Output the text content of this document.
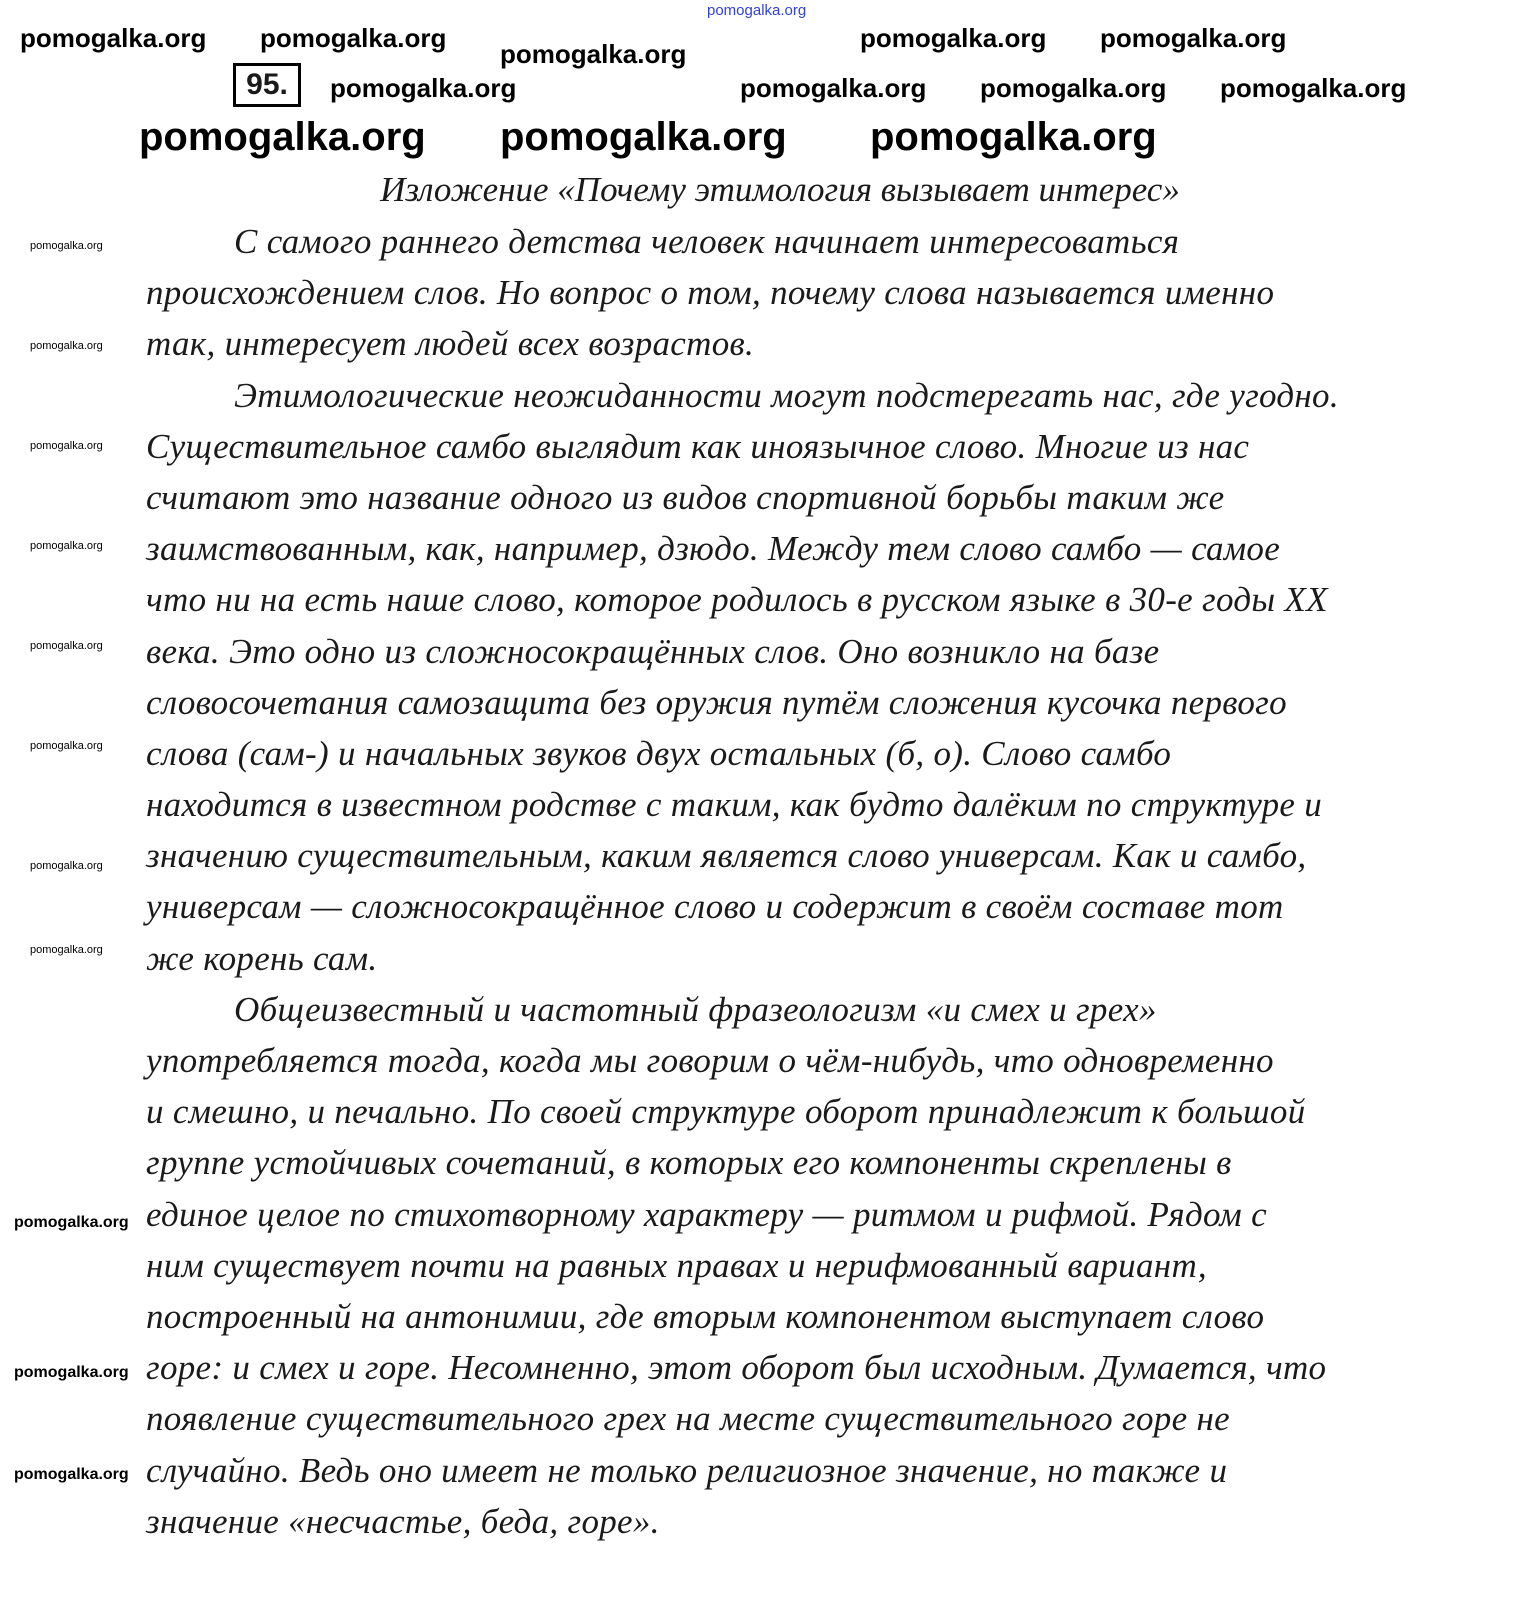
pomogalka.org
95.
Изложение «Почему этимология вызывает интерес»
С самого раннего детства человек начинает интересоваться
происхождением слов. Но вопрос о том, почему слова называется именно
так, интересует людей всех возрастов.
Этимологические неожиданности могут подстерегать нас, где угодно.
Существительное самбо выглядит как иноязычное слово. Многие из нас
считают это название одного из видов спортивной борьбы таким же
заимствованным, как, например, дзюдо. Между тем слово самбо — самое
что ни на есть наше слово, которое родилось в русском языке в 30-е годы XX
века. Это одно из сложносокращённых слов. Оно возникло на базе
словосочетания самозащита без оружия путём сложения кусочка первого
слова (сам-) и начальных звуков двух остальных (б, о). Слово самбо
находится в известном родстве с таким, как будто далёким по структуре и
значению существительным, каким является слово универсам. Как и самбо,
универсам — сложносокращённое слово и содержит в своём составе тот
же корень сам.
Общеизвестный и частотный фразеологизм «и смех и грех»
употребляется тогда, когда мы говорим о чём-нибудь, что одновременно
и смешно, и печально. По своей структуре оборот принадлежит к большой
группе устойчивых сочетаний, в которых его компоненты скреплены в
единое целое по стихотворному характеру — ритмом и рифмой. Рядом с
ним существует почти на равных правах и нерифмованный вариант,
построенный на антонимии, где вторым компонентом выступает слово
горе: и смех и горе. Несомненно, этот оборот был исходным. Думается, что
появление существительного грех на месте существительного горе не
случайно. Ведь оно имеет не только религиозное значение, но также и
значение «несчастье, беда, горе».
pomogalka.org pomogalka.org pomogalka.org
pomogalka.org pomogalka.org	pomogalka.org pomogalka.org
pomogalka.org
pomogalka.org	pomogalka.org pomogalka.org pomogalka.org
pomogalka.org
pomogalka.org
pomogalka.org
pomogalka.org
pomogalka.org
pomogalka.org
pomogalka.org
pomogalka.org
pomogalka.org
pomogalka.org
pomogalka.org
